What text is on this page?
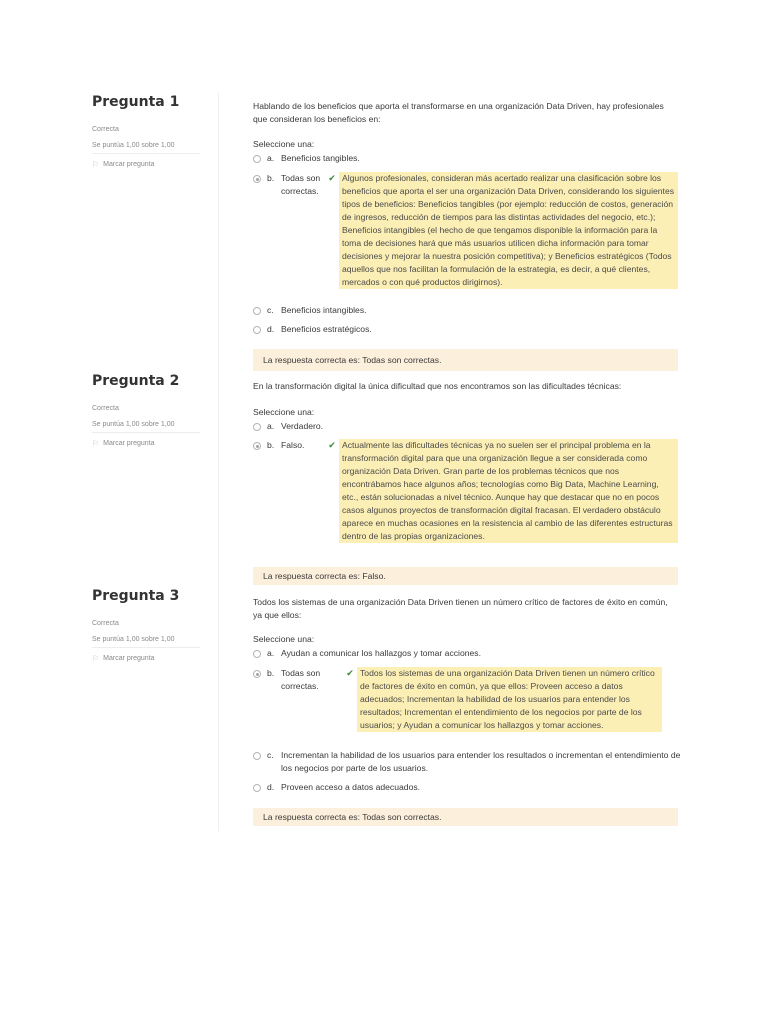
Pregunta 1
Correcta
Se puntúa 1,00 sobre 1,00
⚐ Marcar pregunta

Hablando de los beneficios que aporta el transformarse en una organización Data Driven, hay profesionales que consideran los beneficios en:

Seleccione una:

a. Beneficios tangibles.
b. Todas son correctas.
✔ Algunos profesionales, consideran más acertado realizar una clasificación sobre los beneficios que aporta el ser una organización Data Driven, considerando los siguientes tipos de beneficios: Beneficios tangibles (por ejemplo: reducción de costos, generación de ingresos, reducción de tiempos para las distintas actividades del negocio, etc.); Beneficios intangibles (el hecho de que tengamos disponible la información para la toma de decisiones hará que más usuarios utilicen dicha información para tomar decisiones y mejorar la nuestra posición competitiva); y Beneficios estratégicos (Todos aquellos que nos facilitan la formulación de la estrategia, es decir, a qué clientes, mercados o con qué productos dirigirnos).
c. Beneficios intangibles.
d. Beneficios estratégicos.
La respuesta correcta es: Todas son correctas.
Pregunta 2
Correcta
Se puntúa 1,00 sobre 1,00
⚐ Marcar pregunta

En la transformación digital la única dificultad que nos encontramos son las dificultades técnicas:

Seleccione una:

a. Verdadero.
b. Falso.	✔ Actualmente las dificultades técnicas ya no suelen ser el principal problema en la transformación digital para que una organización llegue a ser considerada como organización Data Driven. Gran parte de los problemas técnicos que nos encontrábamos hace algunos años; tecnologías como Big Data, Machine Learning, etc., están solucionadas a nivel técnico. Aunque hay que destacar que no en pocos casos algunos proyectos de transformación digital fracasan. El verdadero obstáculo aparece en muchas ocasiones en la resistencia al cambio de las diferentes estructuras dentro de las propias organizaciones.
La respuesta correcta es: Falso.
Pregunta 3
Correcta
Se puntúa 1,00 sobre 1,00
⚐ Marcar pregunta

Todos los sistemas de una organización Data Driven tienen un número crítico de factores de éxito en común, ya que ellos:

Seleccione una:

a. Ayudan a comunicar los hallazgos y tomar acciones.
b. Todas son correctas.
✔ Todos los sistemas de una organización Data Driven tienen un número crítico de factores de éxito en común, ya que ellos: Proveen acceso a datos adecuados; Incrementan la habilidad de los usuarios para entender los resultados; Incrementan el entendimiento de los negocios por parte de los usuarios; y Ayudan a comunicar los hallazgos y tomar acciones.
c. Incrementan la habilidad de los usuarios para entender los resultados o incrementan el entendimiento de los negocios por parte de los usuarios.
d. Proveen acceso a datos adecuados.
La respuesta correcta es: Todas son correctas.
